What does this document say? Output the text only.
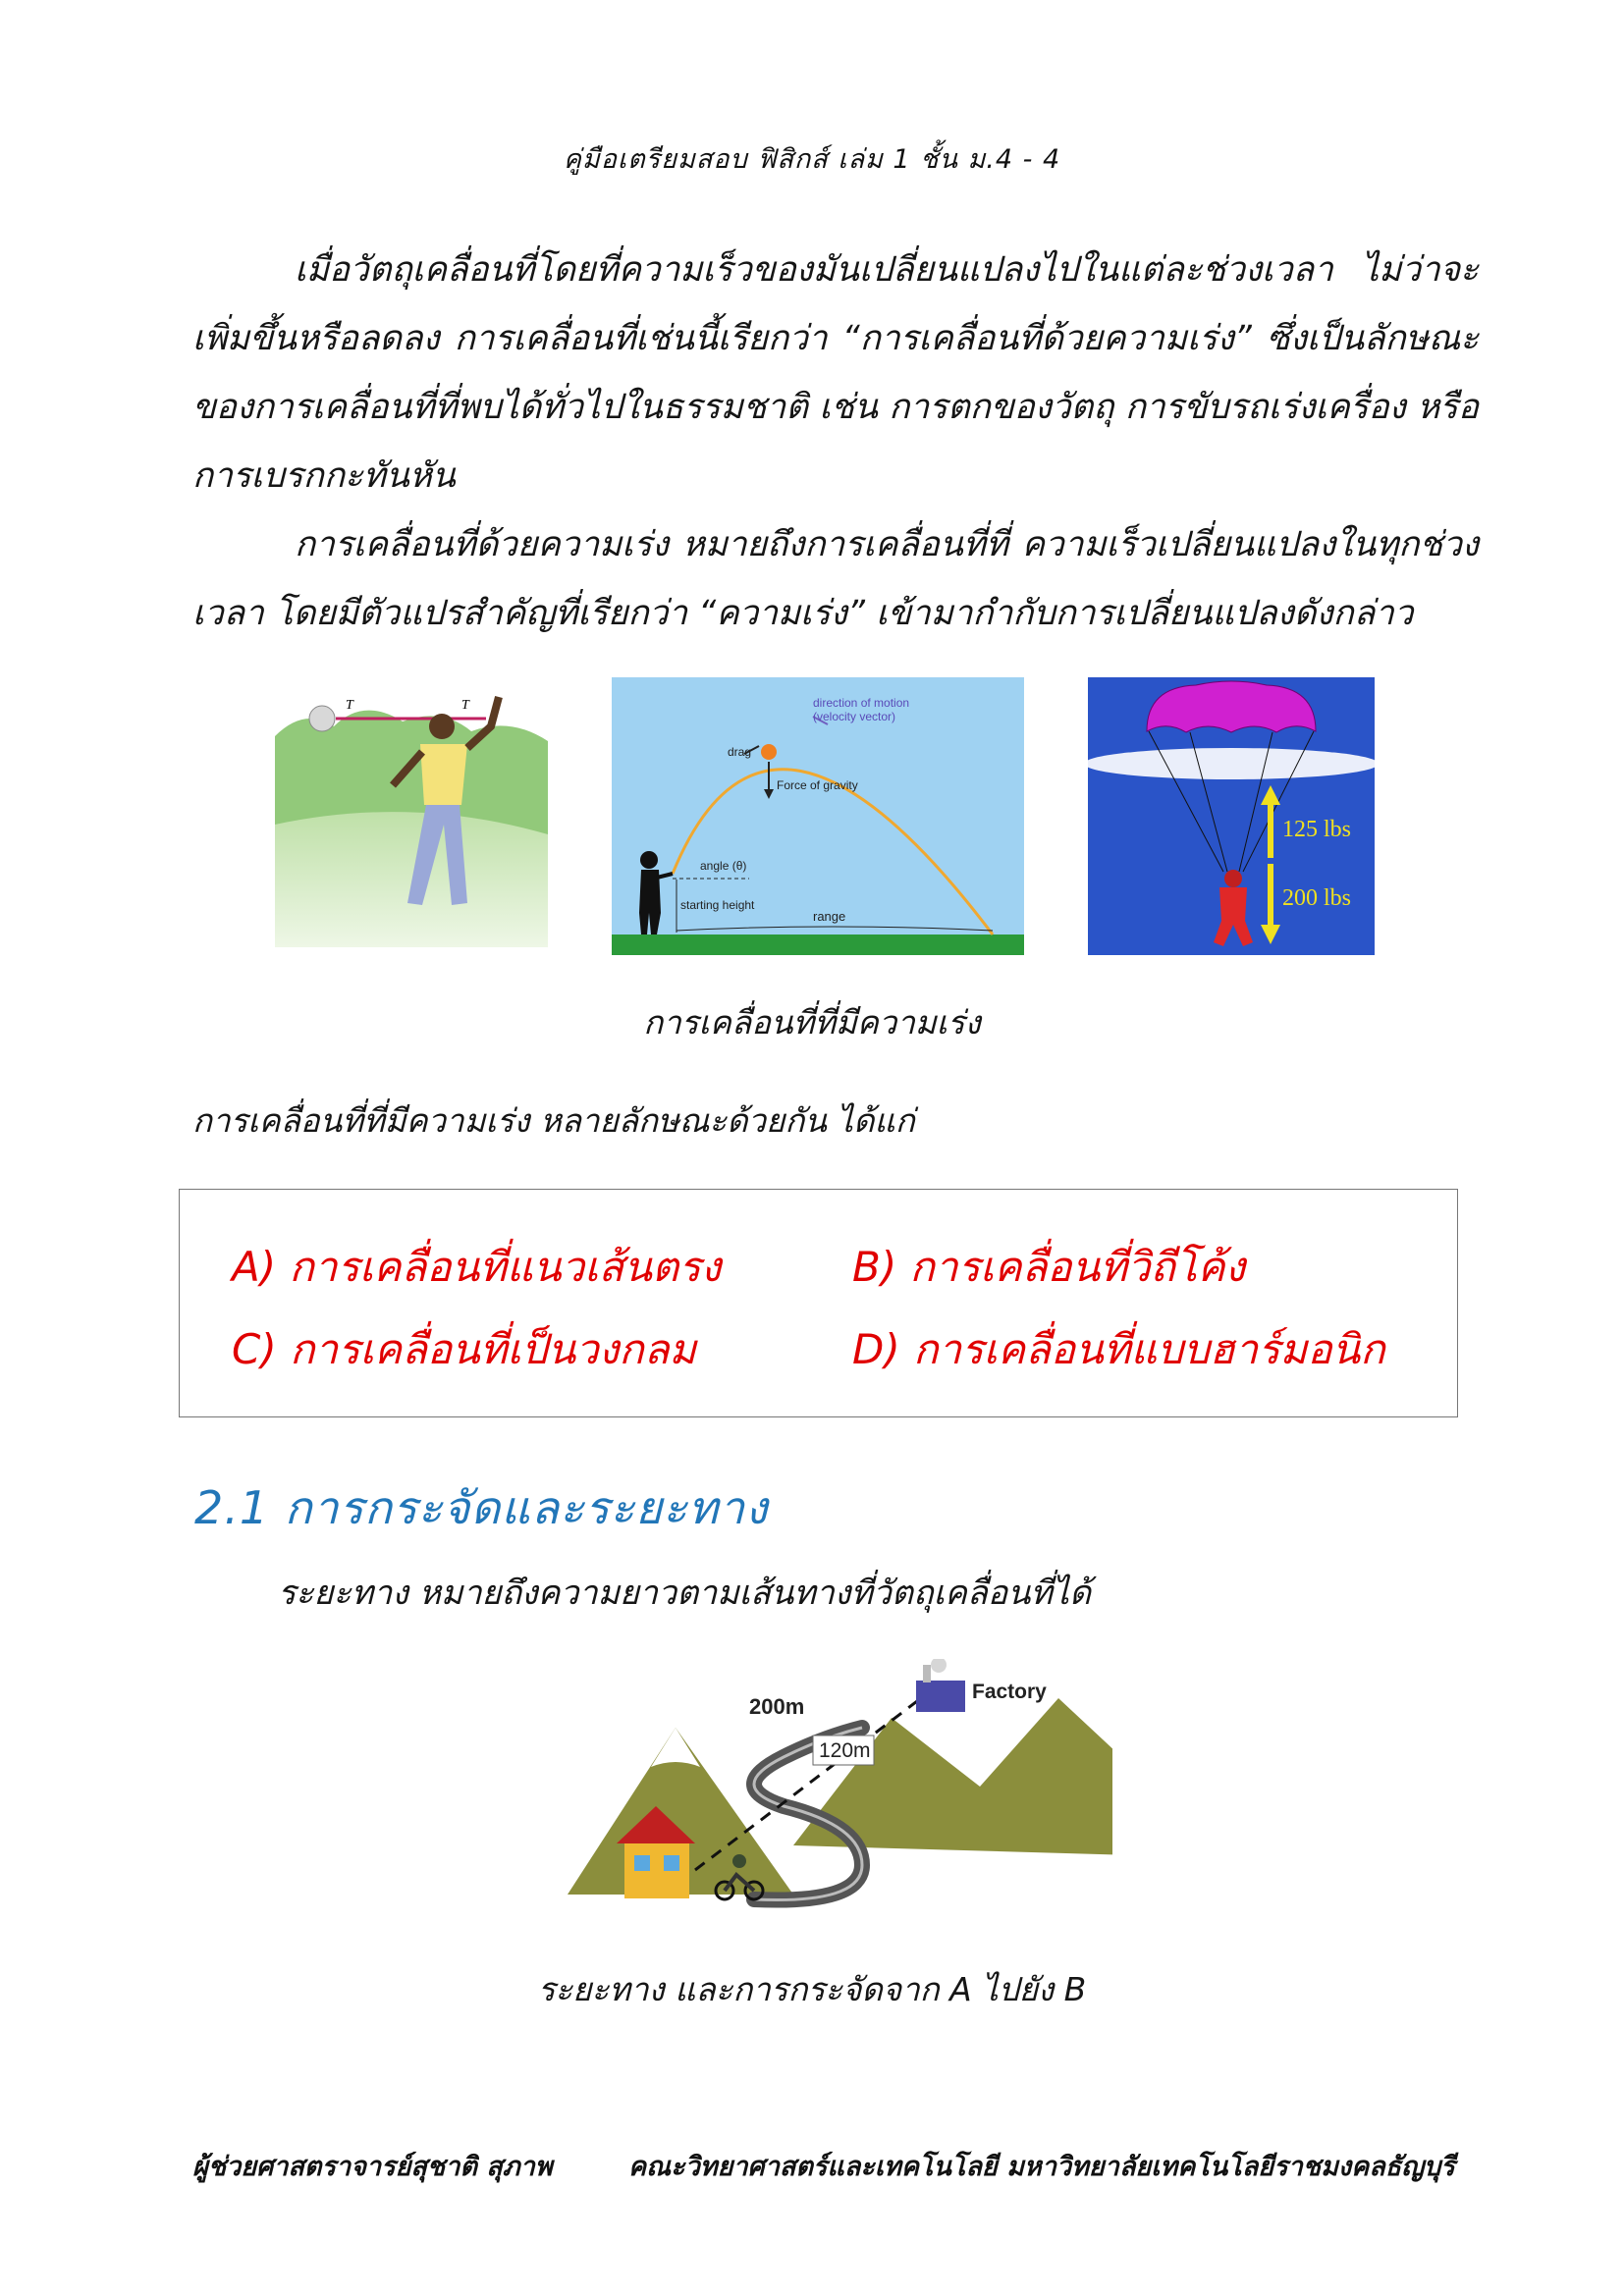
คู่มือเตรียมสอบ ฟิสิกส์ เล่ม 1 ชั้น ม.4 - 4

เมื่อวัตถุเคลื่อนที่โดยที่ความเร็วของมันเปลี่ยนแปลงไปในแต่ละช่วงเวลา ไม่ว่าจะเพิ่มขึ้นหรือลดลง การเคลื่อนที่เช่นนี้เรียกว่า “การเคลื่อนที่ด้วยความเร่ง” ซึ่งเป็นลักษณะของการเคลื่อนที่ที่พบได้ทั่วไปในธรรมชาติ เช่น การตกของวัตถุ การขับรถเร่งเครื่อง หรือการเบรกกะทันหัน

การเคลื่อนที่ด้วยความเร่ง หมายถึงการเคลื่อนที่ที่ ความเร็วเปลี่ยนแปลงในทุกช่วงเวลา โดยมีตัวแปรสำคัญที่เรียกว่า “ความเร่ง” เข้ามากำกับการเปลี่ยนแปลงดังกล่าว

T	T	direction of motion
(velocity vector)
drag
Force of gravity
angle (θ)
starting height
range
125 lbs
200 lbs
การเคลื่อนที่ที่มีความเร่ง
การเคลื่อนที่ที่มีความเร่ง หลายลักษณะด้วยกัน ได้แก่
A) การเคลื่อนที่แนวเส้นตรง	B) การเคลื่อนที่วิถีโค้ง
C) การเคลื่อนที่เป็นวงกลม	D) การเคลื่อนที่แบบฮาร์มอนิก
2.1 การกระจัดและระยะทาง
ระยะทาง หมายถึงความยาวตามเส้นทางที่วัตถุเคลื่อนที่ได้
200m
120m
Factory
ระยะทาง และการกระจัดจาก A ไปยัง B
ผู้ช่วยศาสตราจารย์สุชาติ สุภาพ	คณะวิทยาศาสตร์และเทคโนโลยี มหาวิทยาลัยเทคโนโลยีราชมงคลธัญบุรี
